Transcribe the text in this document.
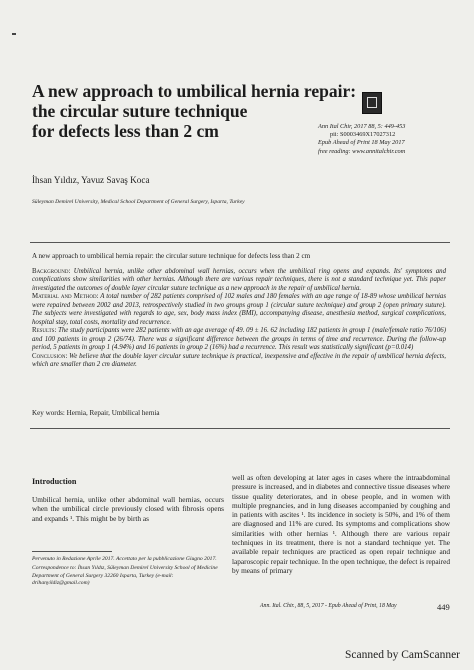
A new approach to umbilical hernia repair:
the circular suture technique
for defects less than 2 cm	Ann Ital Chir, 2017 88, 5: 449-453
pii: S0003469X17027312
Epub Ahead of Print 18 May 2017
free reading: www.annitalchir.com
İhsan Yıldız, Yavuz Savaş Koca
Süleyman Demirel University, Medical School Department of General Surgery, Isparta, Turkey
A new approach to umbilical hernia repair: the circular suture technique for defects less than 2 cm

Background: Umbilical hernia, unlike other abdominal wall hernias, occurs when the umbilical ring opens and expands. Its' symptoms and complications show similarities with other hernias. Although there are various repair techniques, there is not a standard technique yet. This paper investigated the outcomes of double layer circular suture technique as a new approach in the repair of umbilical hernia.

Material and Method: A total number of 282 patients comprised of 102 males and 180 females with an age range of 18-89 whose umbilical hernias were repaired between 2002 and 2013, retrospectively studied in two groups group 1 (circular suture technique) and group 2 (open primary suture). The subjects were investigated with regards to age, sex, body mass index (BMI), accompanying disease, anesthesia method, surgical complications, hospital stay, total costs, mortality and recurrence.

Results: The study participants were 282 patients with an age average of 49. 09 ± 16. 62 including 182 patients in group 1 (male/female ratio 76/106) and 100 patients in group 2 (26/74). There was a significant difference between the groups in terms of time and recurrence. During the follow-up period, 5 patients in group 1 (4.94%) and 16 patients in group 2 (16%) had a recurrence. This result was statistically significant (p=0.014)

Conclusion: We believe that the double layer circular suture technique is practical, inexpensive and effective in the repair of umbilical hernia defects, which are smaller than 2 cm diameter.

Key words: Hernia, Repair, Umbilical hernia
Introduction

Umbilical hernia, unlike other abdominal wall hernias, occurs when the umbilical circle previously closed with fibrosis opens and expands ¹. This might be by birth as

well as often developing at later ages in cases where the intraabdominal pressure is increased, and in diabetes and connective tissue diseases where tissue quality deteriorates, and in obese people, and in women with multiple pregnancies, and in lung diseases accompanied by coughing and in patients with ascites ¹. Its incidence in society is 50%, and 1% of them are diagnosed and 11% are cured. Its symptoms and complications show similarities with other hernias ¹. Although there are various repair techniques in its treatment, there is not a standard technique yet. The available repair techniques are practiced as open repair technique and laparoscopic repair technique. In the open technique, the defect is repaired by means of primary

Pervenuto in Redazione Aprile 2017. Accettato per la pubblicazione Giugno 2017.

Correspondence to: İhsan Yıldız, Süleyman Demirel University School of Medicine Department of General Surgery 32260 Isparta, Turkey (e-mail: drihanyildiz@gmail.com)

Ann. Ital. Chir., 88, 5, 2017 - Epub Ahead of Print, 18 May	449
Scanned by CamScanner
